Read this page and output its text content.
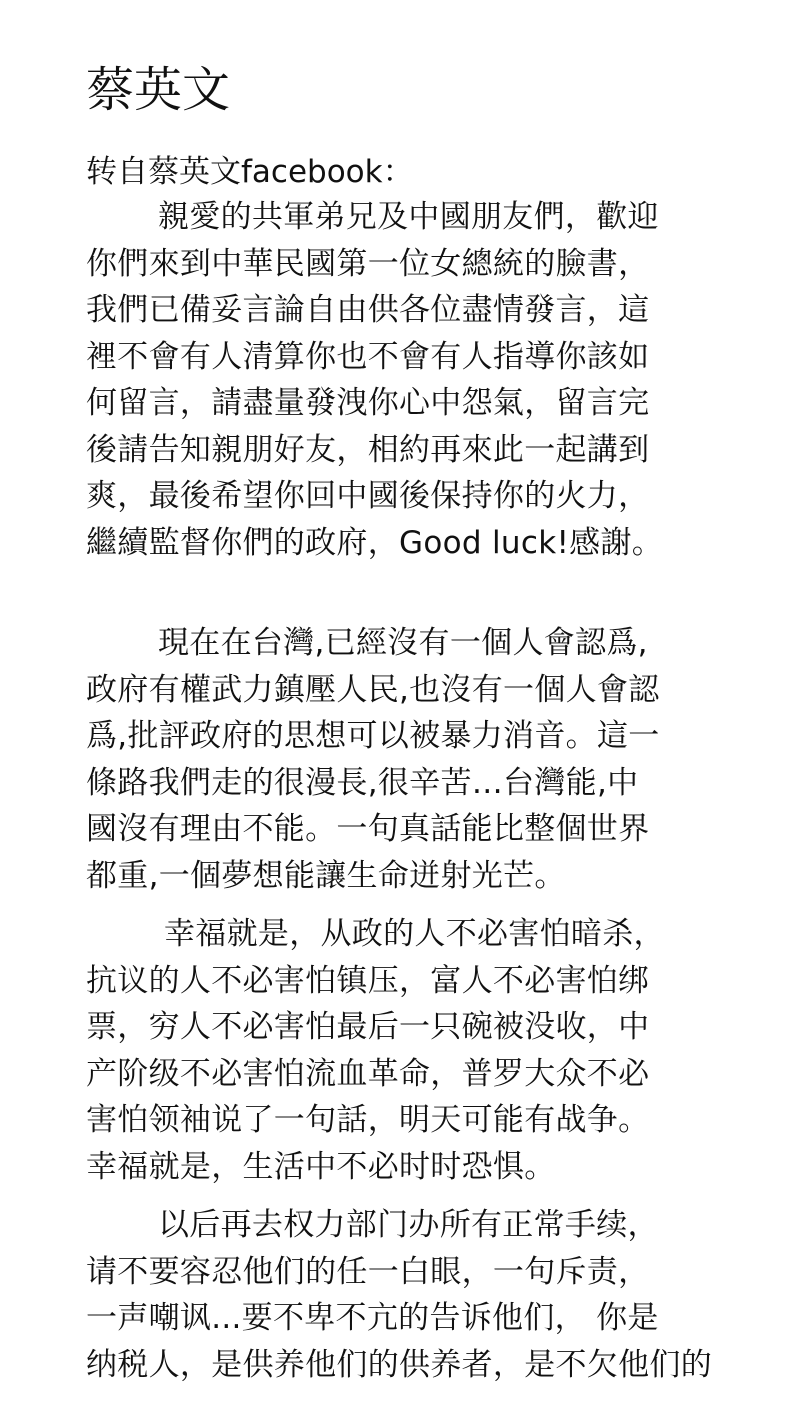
蔡英文

转自蔡英文facebook：

親愛的共軍弟兄及中國朋友們，歡迎
你們來到中華民國第一位女總統的臉書，
我們已備妥言論自由供各位盡情發言，這
裡不會有人清算你也不會有人指導你該如
何留言，請盡量發洩你心中怨氣，留言完
後請告知親朋好友，相約再來此一起講到
爽，最後希望你回中國後保持你的火力，
繼續監督你們的政府，Good luck!感謝。
現在在台灣,已經沒有一個人會認爲,
政府有權武力鎮壓人民,也沒有一個人會認
爲,批評政府的思想可以被暴力消音。這一
條路我們走的很漫長,很辛苦…台灣能,中
國沒有理由不能。一句真話能比整個世界
都重,一個夢想能讓生命迸射光芒。
幸福就是，从政的人不必害怕暗杀，
抗议的人不必害怕镇压，富人不必害怕绑
票，穷人不必害怕最后一只碗被没收，中
产阶级不必害怕流血革命，普罗大众不必
害怕领袖说了一句話，明天可能有战争。
幸福就是，生活中不必时时恐惧。
以后再去权力部门办所有正常手续，
请不要容忍他们的任一白眼，一句斥责，
一声嘲讽...要不卑不亢的告诉他们， 你是
纳税人，是供养他们的供养者，是不欠他们的
